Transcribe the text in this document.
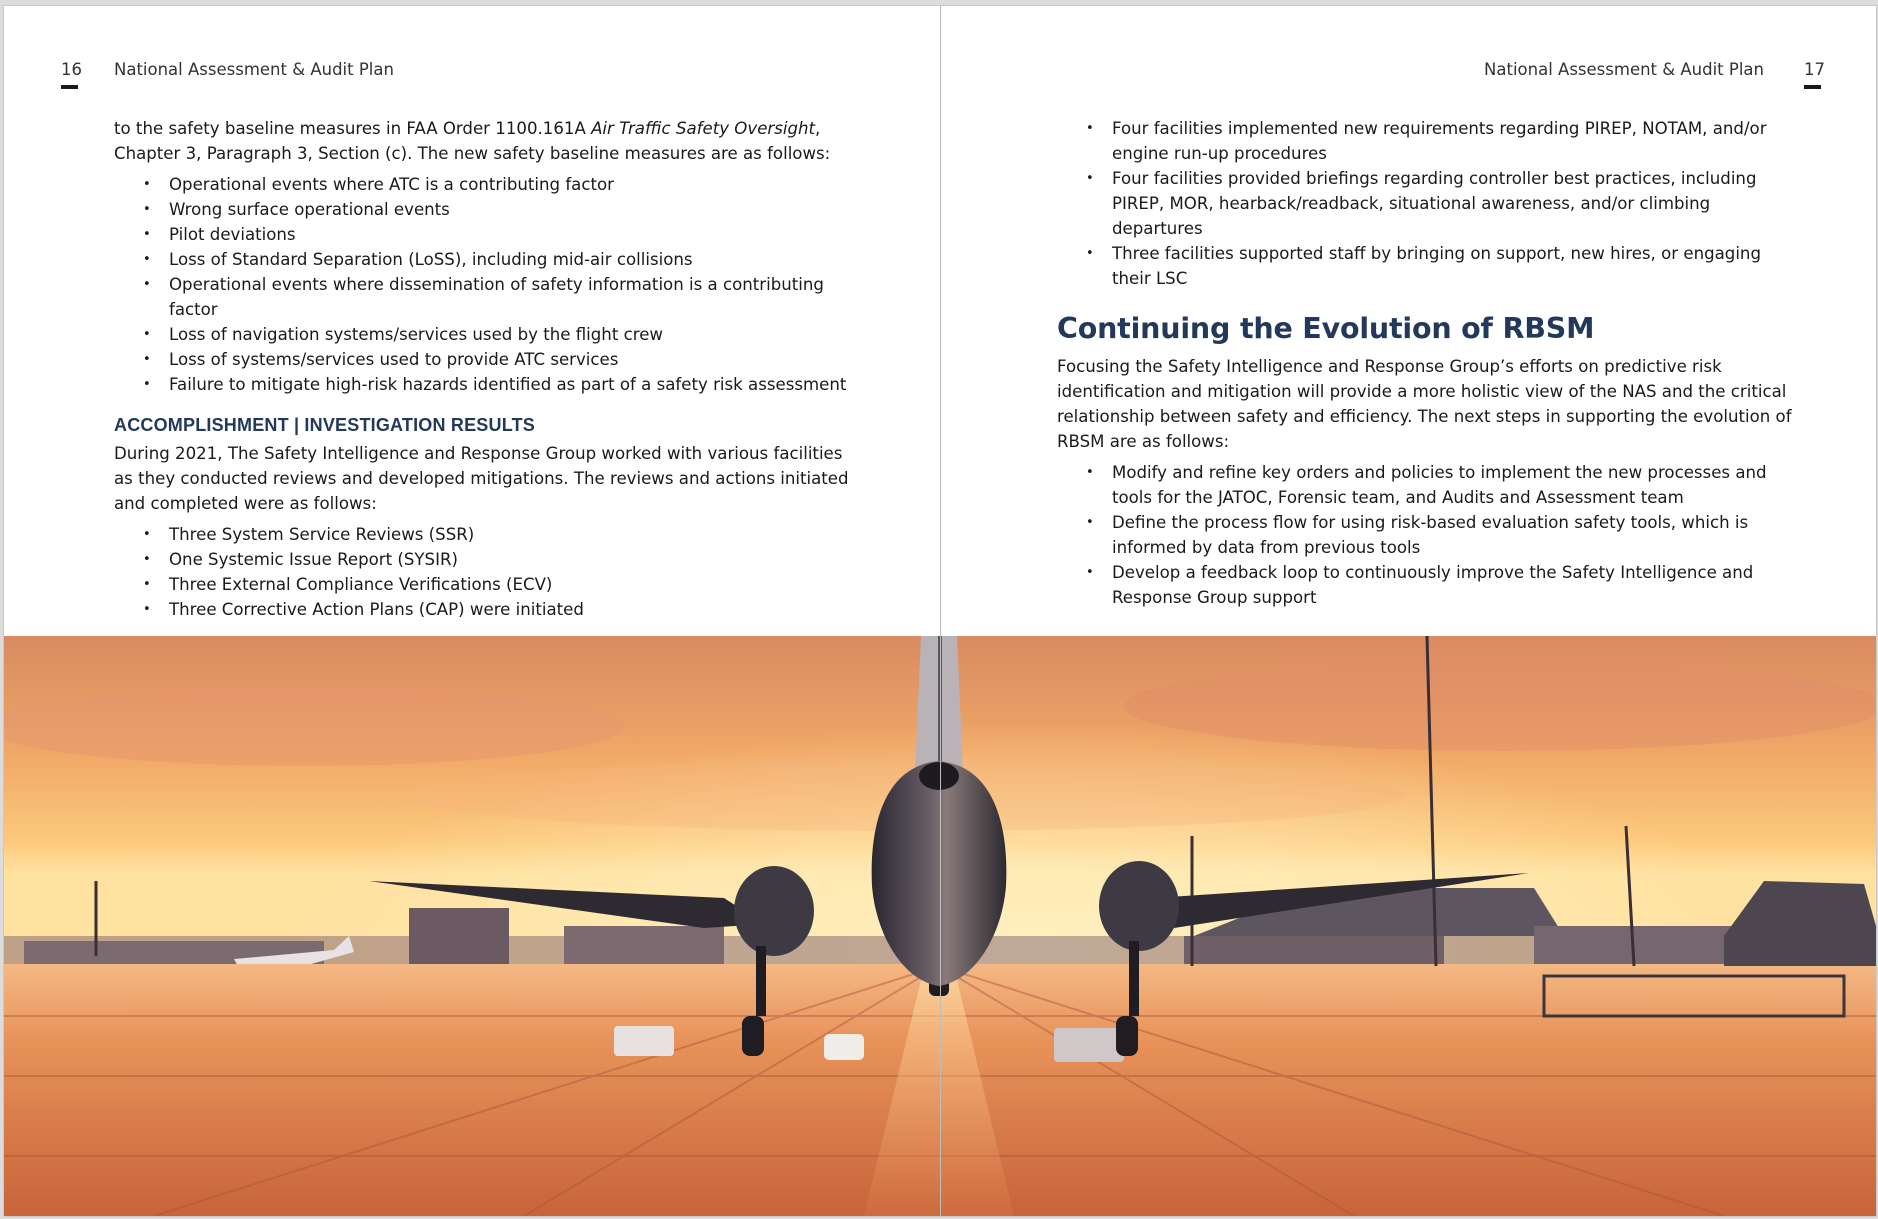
16 National Assessment & Audit Plan

to the safety baseline measures in FAA Order 1100.161A Air Traffic Safety Oversight, Chapter 3, Paragraph 3, Section (c). The new safety baseline measures are as follows:

• Operational events where ATC is a contributing factor
• Wrong surface operational events
• Pilot deviations
• Loss of Standard Separation (LoSS), including mid-air collisions
• Operational events where dissemination of safety information is a contributing factor
• Loss of navigation systems/services used by the flight crew
• Loss of systems/services used to provide ATC services
• Failure to mitigate high-risk hazards identified as part of a safety risk assessment
ACCOMPLISHMENT | INVESTIGATION RESULTS

During 2021, The Safety Intelligence and Response Group worked with various facilities as they conducted reviews and developed mitigations. The reviews and actions initiated and completed were as follows:

• Three System Service Reviews (SSR)
• One Systemic Issue Report (SYSIR)
• Three External Compliance Verifications (ECV)
• Three Corrective Action Plans (CAP) were initiated
National Assessment & Audit Plan 17
• Four facilities implemented new requirements regarding PIREP, NOTAM, and/or engine run-up procedures
• Four facilities provided briefings regarding controller best practices, including PIREP, MOR, hearback/readback, situational awareness, and/or climbing departures
• Three facilities supported staff by bringing on support, new hires, or engaging their LSC
Continuing the Evolution of RBSM

Focusing the Safety Intelligence and Response Group’s efforts on predictive risk identification and mitigation will provide a more holistic view of the NAS and the critical relationship between safety and efficiency. The next steps in supporting the evolution of RBSM are as follows:

• Modify and refine key orders and policies to implement the new processes and tools for the JATOC, Forensic team, and Audits and Assessment team
• Define the process flow for using risk-based evaluation safety tools, which is informed by data from previous tools
• Develop a feedback loop to continuously improve the Safety Intelligence and Response Group support
